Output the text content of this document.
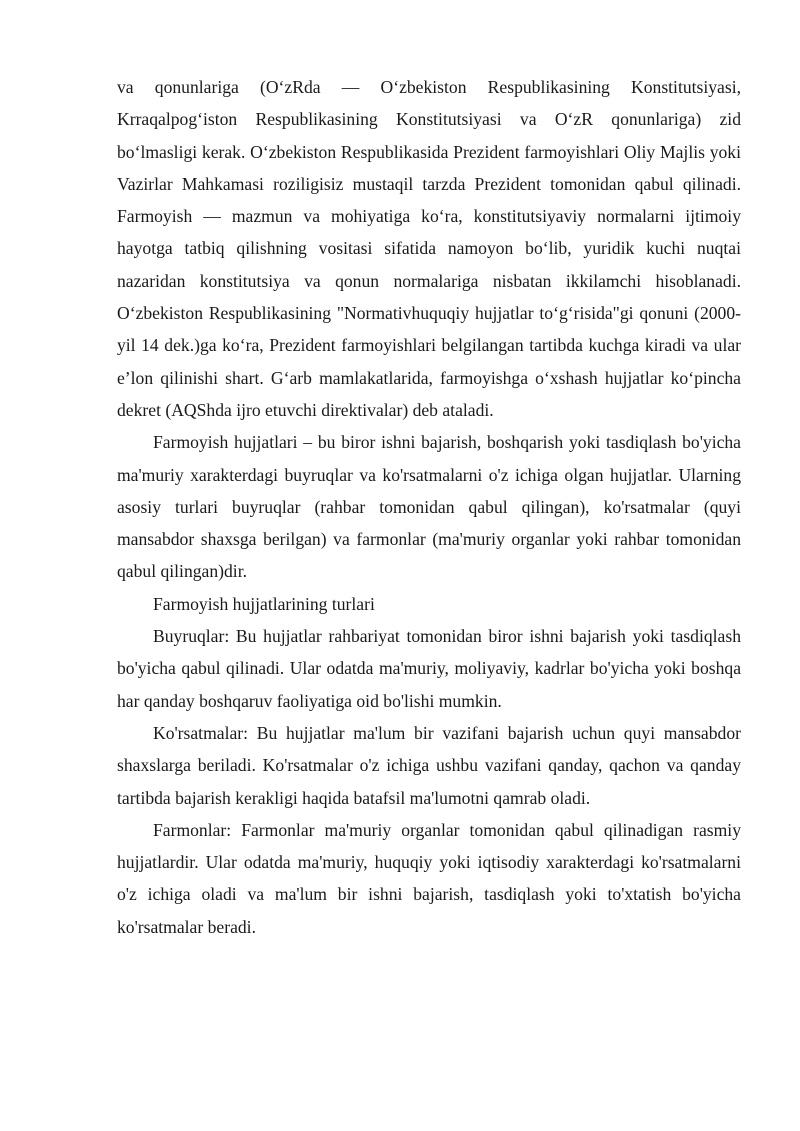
va qonunlariga (O‘zRda — O‘zbekiston Respublikasining Konstitutsiyasi, Krraqalpog‘iston Respublikasining Konstitutsiyasi va O‘zR qonunlariga) zid bo‘lmasligi kerak. O‘zbekiston Respublikasida Prezident farmoyishlari Oliy Majlis yoki Vazirlar Mahkamasi roziligisiz mustaqil tarzda Prezident tomonidan qabul qilinadi. Farmoyish — mazmun va mohiyatiga ko‘ra, konstitutsiyaviy normalarni ijtimoiy hayotga tatbiq qilishning vositasi sifatida namoyon bo‘lib, yuridik kuchi nuqtai nazaridan konstitutsiya va qonun normalariga nisbatan ikkilamchi hisoblanadi. O‘zbekiston Respublikasining "Normativhuquqiy hujjatlar to‘g‘risida"gi qonuni (2000-yil 14 dek.)ga ko‘ra, Prezident farmoyishlari belgilangan tartibda kuchga kiradi va ular e’lon qilinishi shart. G‘arb mamlakatlarida, farmoyishga o‘xshash hujjatlar ko‘pincha dekret (AQShda ijro etuvchi direktivalar) deb ataladi.

Farmoyish hujjatlari – bu biror ishni bajarish, boshqarish yoki tasdiqlash bo'yicha ma'muriy xarakterdagi buyruqlar va ko'rsatmalarni o'z ichiga olgan hujjatlar. Ularning asosiy turlari buyruqlar (rahbar tomonidan qabul qilingan), ko'rsatmalar (quyi mansabdor shaxsga berilgan) va farmonlar (ma'muriy organlar yoki rahbar tomonidan qabul qilingan)dir.

Farmoyish hujjatlarining turlari

Buyruqlar: Bu hujjatlar rahbariyat tomonidan biror ishni bajarish yoki tasdiqlash bo'yicha qabul qilinadi. Ular odatda ma'muriy, moliyaviy, kadrlar bo'yicha yoki boshqa har qanday boshqaruv faoliyatiga oid bo'lishi mumkin.

Ko'rsatmalar: Bu hujjatlar ma'lum bir vazifani bajarish uchun quyi mansabdor shaxslarga beriladi. Ko'rsatmalar o'z ichiga ushbu vazifani qanday, qachon va qanday tartibda bajarish kerakligi haqida batafsil ma'lumotni qamrab oladi.

Farmonlar: Farmonlar ma'muriy organlar tomonidan qabul qilinadigan rasmiy hujjatlardir. Ular odatda ma'muriy, huquqiy yoki iqtisodiy xarakterdagi ko'rsatmalarni o'z ichiga oladi va ma'lum bir ishni bajarish, tasdiqlash yoki to'xtatish bo'yicha ko'rsatmalar beradi.
